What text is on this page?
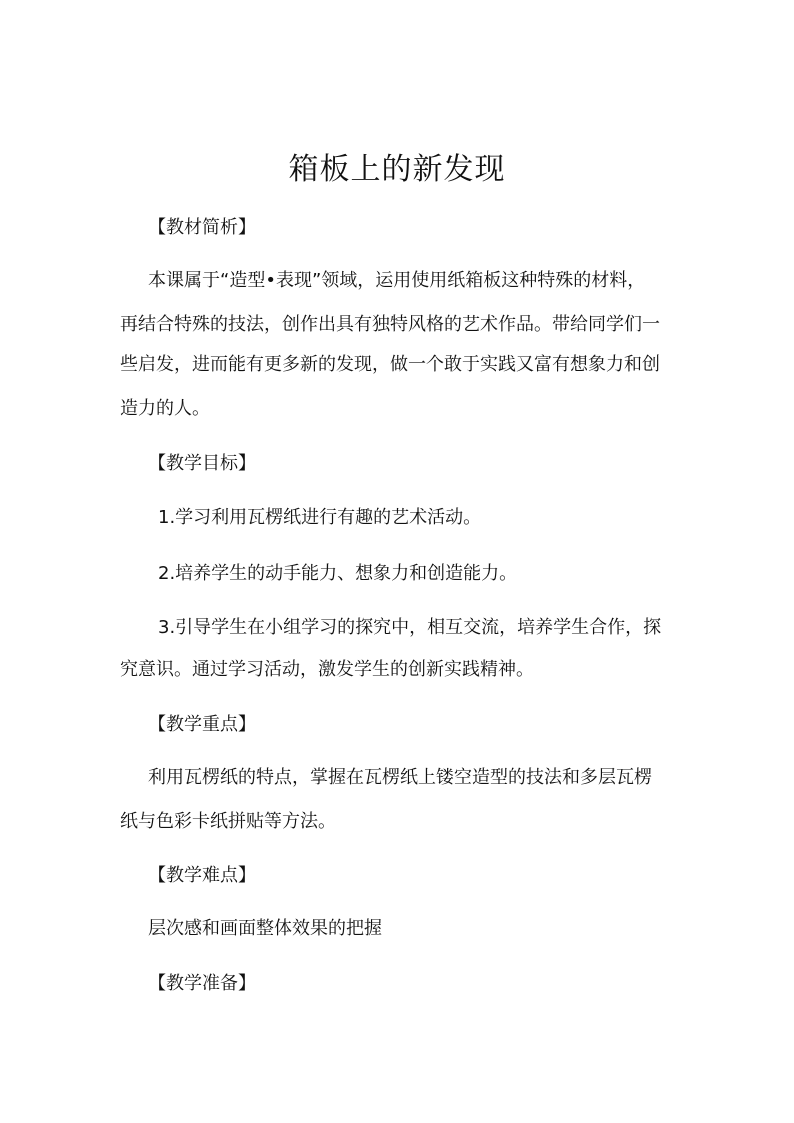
箱板上的新发现
【教材简析】
本课属于“造型•表现”领域，运用使用纸箱板这种特殊的材料，
再结合特殊的技法，创作出具有独特风格的艺术作品。带给同学们一
些启发，进而能有更多新的发现，做一个敢于实践又富有想象力和创
造力的人。
【教学目标】
1.学习利用瓦楞纸进行有趣的艺术活动。
2.培养学生的动手能力、想象力和创造能力。
3.引导学生在小组学习的探究中，相互交流，培养学生合作，探
究意识。通过学习活动，激发学生的创新实践精神。
【教学重点】
利用瓦楞纸的特点，掌握在瓦楞纸上镂空造型的技法和多层瓦楞
纸与色彩卡纸拼贴等方法。
【教学难点】
层次感和画面整体效果的把握
【教学准备】
